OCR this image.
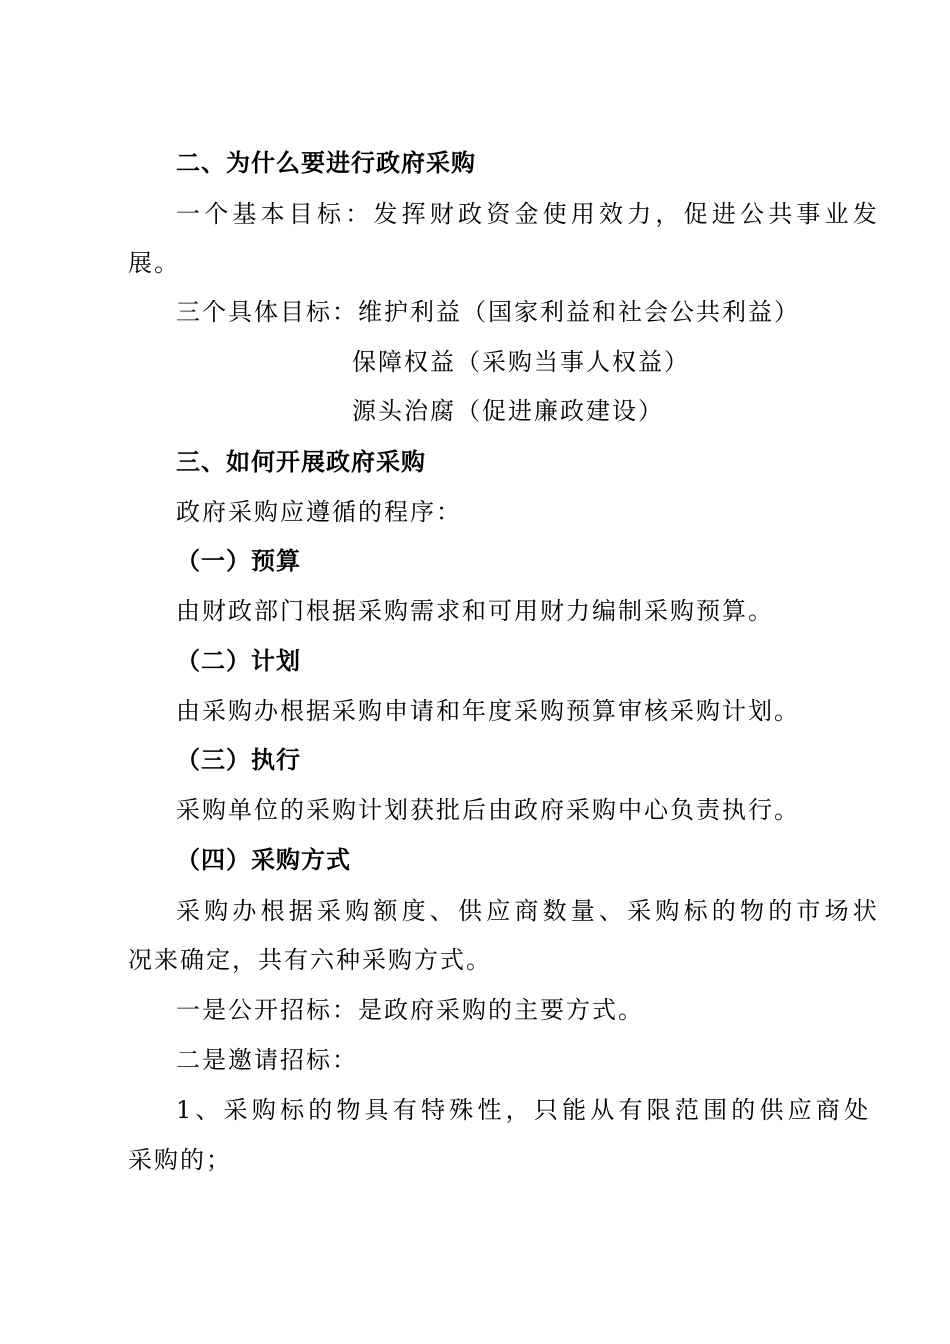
二、为什么要进行政府采购
一个基本目标：发挥财政资金使用效力，促进公共事业发
展。
三个具体目标：维护利益（国家利益和社会公共利益）
保障权益（采购当事人权益）
源头治腐（促进廉政建设）
三、如何开展政府采购
政府采购应遵循的程序：
（一）预算
由财政部门根据采购需求和可用财力编制采购预算。
（二）计划
由采购办根据采购申请和年度采购预算审核采购计划。
（三）执行
采购单位的采购计划获批后由政府采购中心负责执行。
（四）采购方式
采购办根据采购额度、供应商数量、采购标的物的市场状
况来确定，共有六种采购方式。
一是公开招标：是政府采购的主要方式。
二是邀请招标：
1、采购标的物具有特殊性，只能从有限范围的供应商处
采购的；
